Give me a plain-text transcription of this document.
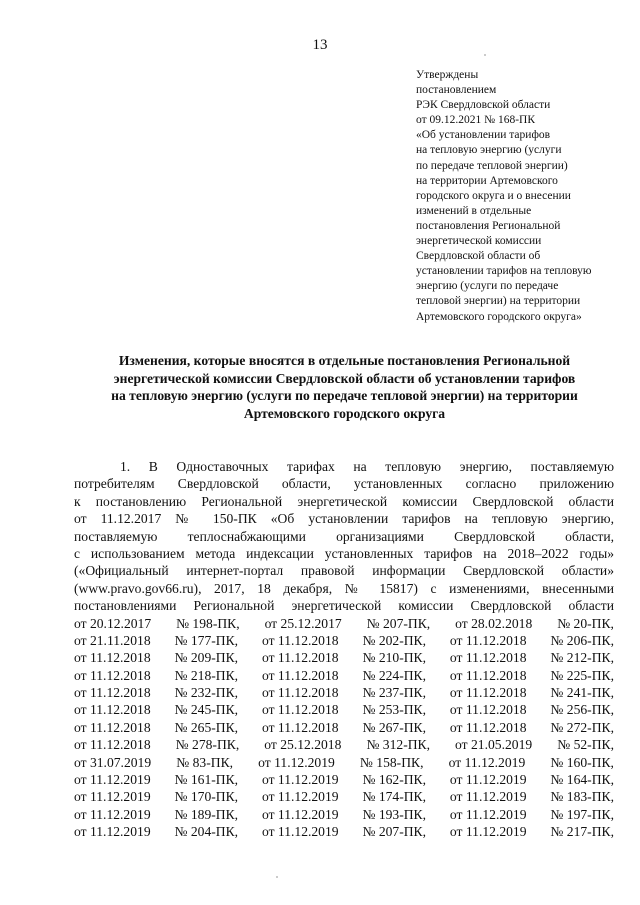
13
Утверждены
постановлением
РЭК Свердловской области
от 09.12.2021 № 168-ПК
«Об установлении тарифов
на тепловую энергию (услуги
по передаче тепловой энергии)
на территории Артемовского
городского округа и о внесении
изменений в отдельные
постановления Региональной
энергетической комиссии
Свердловской области об
установлении тарифов на тепловую
энергию (услуги по передаче
тепловой энергии) на территории
Артемовского городского округа»
Изменения, которые вносятся в отдельные постановления Региональной
энергетической комиссии Свердловской области об установлении тарифов
на тепловую энергию (услуги по передаче тепловой энергии) на территории
Артемовского городского округа
1. В Одноставочных тарифах на тепловую энергию, поставляемую
потребителям Свердловской области, установленных согласно приложению
к постановлению Региональной энергетической комиссии Свердловской области
от 11.12.2017 № 150-ПК «Об установлении тарифов на тепловую энергию,
поставляемую теплоснабжающими организациями Свердловской области,
с использованием метода индексации установленных тарифов на 2018–2022 годы»
(«Официальный интернет-портал правовой информации Свердловской области»
(www.pravo.gov66.ru), 2017, 18 декабря, № 15817) с изменениями, внесенными
постановлениями Региональной энергетической комиссии Свердловской области
от 20.12.2017 № 198-ПК, от 25.12.2017 № 207-ПК, от 28.02.2018 № 20-ПК,
от 21.11.2018 № 177-ПК, от 11.12.2018 № 202-ПК, от 11.12.2018 № 206-ПК,
от 11.12.2018 № 209-ПК, от 11.12.2018 № 210-ПК, от 11.12.2018 № 212-ПК,
от 11.12.2018 № 218-ПК, от 11.12.2018 № 224-ПК, от 11.12.2018 № 225-ПК,
от 11.12.2018 № 232-ПК, от 11.12.2018 № 237-ПК, от 11.12.2018 № 241-ПК,
от 11.12.2018 № 245-ПК, от 11.12.2018 № 253-ПК, от 11.12.2018 № 256-ПК,
от 11.12.2018 № 265-ПК, от 11.12.2018 № 267-ПК, от 11.12.2018 № 272-ПК,
от 11.12.2018 № 278-ПК, от 25.12.2018 № 312-ПК, от 21.05.2019 № 52-ПК,
от 31.07.2019 № 83-ПК, от 11.12.2019 № 158-ПК, от 11.12.2019 № 160-ПК,
от 11.12.2019 № 161-ПК, от 11.12.2019 № 162-ПК, от 11.12.2019 № 164-ПК,
от 11.12.2019 № 170-ПК, от 11.12.2019 № 174-ПК, от 11.12.2019 № 183-ПК,
от 11.12.2019 № 189-ПК, от 11.12.2019 № 193-ПК, от 11.12.2019 № 197-ПК,
от 11.12.2019 № 204-ПК, от 11.12.2019 № 207-ПК, от 11.12.2019 № 217-ПК,
